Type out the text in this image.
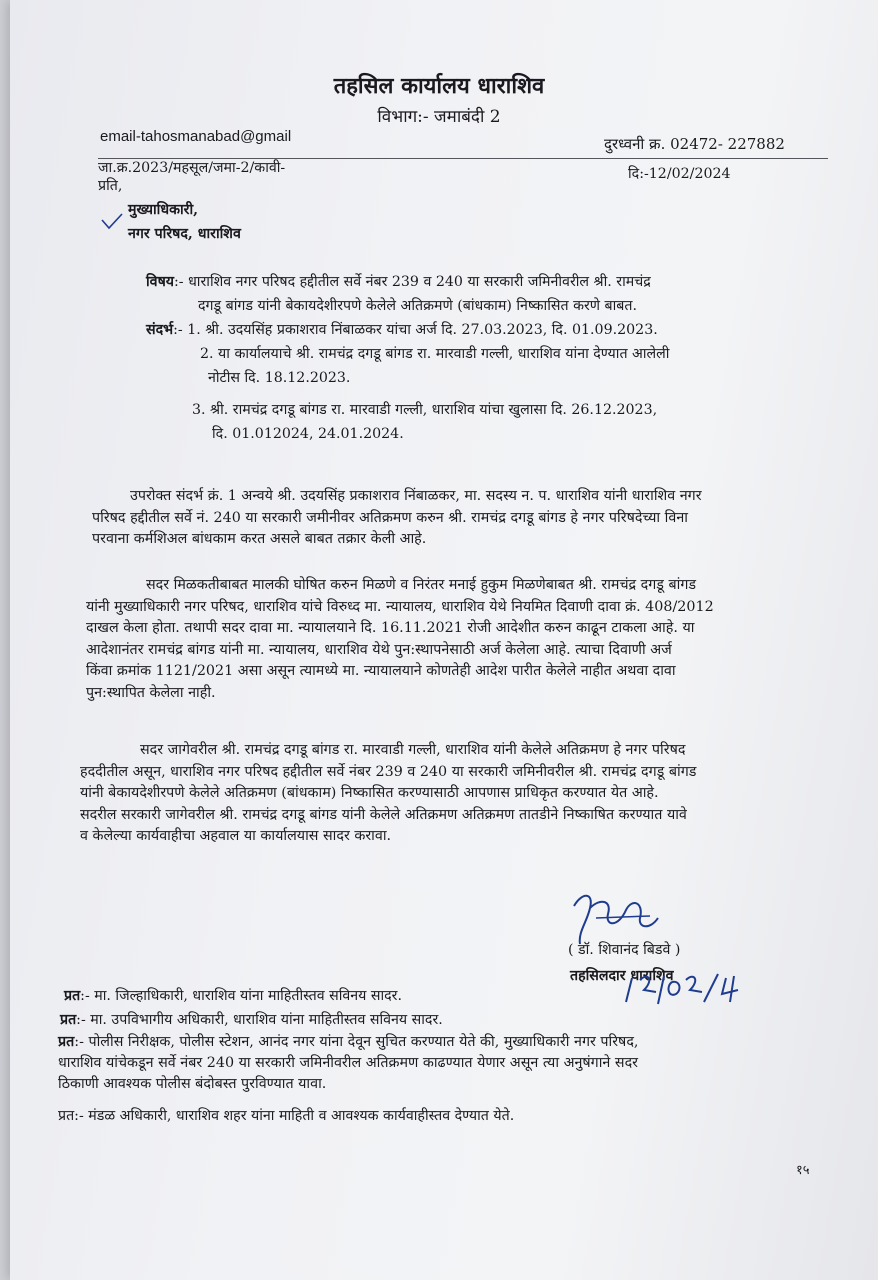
तहसिल कार्यालय धाराशिव
विभाग:- जमाबंदी 2
email-tahosmanabad@gmail	दुरध्वनी क्र. 02472- 227882
जा.क्र.2023/महसूल/जमा-2/कावी-	दि:-12/02/2024
प्रति,
मुख्याधिकारी,
नगर परिषद, धाराशिव
विषय:- धाराशिव नगर परिषद हद्दीतील सर्वे नंबर 239 व 240 या सरकारी जमिनीवरील श्री. रामचंद्र
दगडू बांगड यांनी बेकायदेशीरपणे केलेले अतिक्रमणे (बांधकाम) निष्कासित करणे बाबत.
संदर्भ:- 1. श्री. उदयसिंह प्रकाशराव निंबाळकर यांचा अर्ज दि. 27.03.2023, दि. 01.09.2023.
2. या कार्यालयाचे श्री. रामचंद्र दगडू बांगड रा. मारवाडी गल्ली, धाराशिव यांना देण्यात आलेली
नोटीस दि. 18.12.2023.
3. श्री. रामचंद्र दगडू बांगड रा. मारवाडी गल्ली, धाराशिव यांचा खुलासा दि. 26.12.2023,
दि. 01.012024, 24.01.2024.
उपरोक्त संदर्भ क्रं. 1 अन्वये श्री. उदयसिंह प्रकाशराव निंबाळकर, मा. सदस्य न. प. धाराशिव यांनी धाराशिव नगर
परिषद हद्दीतील सर्वे नं. 240 या सरकारी जमीनीवर अतिक्रमण करुन श्री. रामचंद्र दगडू बांगड हे नगर परिषदेच्या विना
परवाना कर्मशिअल बांधकाम करत असले बाबत तक्रार केली आहे.
सदर मिळकतीबाबत मालकी घोषित करुन मिळणे व निरंतर मनाई हुकुम मिळणेबाबत श्री. रामचंद्र दगडू बांगड
यांनी मुख्याधिकारी नगर परिषद, धाराशिव यांचे विरुध्द मा. न्यायालय, धाराशिव येथे नियमित दिवाणी दावा क्रं. 408/2012
दाखल केला होता. तथापी सदर दावा मा. न्यायालयाने दि. 16.11.2021 रोजी आदेशीत करुन काढून टाकला आहे. या
आदेशानंतर रामचंद्र बांगड यांनी मा. न्यायालय, धाराशिव येथे पुन:स्थापनेसाठी अर्ज केलेला आहे. त्याचा दिवाणी अर्ज
किंवा क्रमांक 1121/2021 असा असून त्यामध्ये मा. न्यायालयाने कोणतेही आदेश पारीत केलेले नाहीत अथवा दावा
पुन:स्थापित केलेला नाही.
सदर जागेवरील श्री. रामचंद्र दगडू बांगड रा. मारवाडी गल्ली, धाराशिव यांनी केलेले अतिक्रमण हे नगर परिषद
हददीतील असून, धाराशिव नगर परिषद हद्दीतील सर्वे नंबर 239 व 240 या सरकारी जमिनीवरील श्री. रामचंद्र दगडू बांगड
यांनी बेकायदेशीरपणे केलेले अतिक्रमण (बांधकाम) निष्कासित करण्यासाठी आपणास प्राधिकृत करण्यात येत आहे.
सदरील सरकारी जागेवरील श्री. रामचंद्र दगडू बांगड यांनी केलेले अतिक्रमण अतिक्रमण तातडीने निष्काषित करण्यात यावे
व केलेल्या कार्यवाहीचा अहवाल या कार्यालयास सादर करावा.
( डॉ. शिवानंद बिडवे )
तहसिलदार धाराशिव
प्रत:- मा. जिल्हाधिकारी, धाराशिव यांना माहितीस्तव सविनय सादर.
प्रत:- मा. उपविभागीय अधिकारी, धाराशिव यांना माहितीस्तव सविनय सादर.
प्रत:- पोलीस निरीक्षक, पोलीस स्टेशन, आनंद नगर यांना देवून सुचित करण्यात येते की, मुख्याधिकारी नगर परिषद,
धाराशिव यांचेकडून सर्वे नंबर 240 या सरकारी जमिनीवरील अतिक्रमण काढण्यात येणार असून त्या अनुषंगाने सदर
ठिकाणी आवश्यक पोलीस बंदोबस्त पुरविण्यात यावा.
प्रत:- मंडळ अधिकारी, धाराशिव शहर यांना माहिती व आवश्यक कार्यवाहीस्तव देण्यात येते.
१५
